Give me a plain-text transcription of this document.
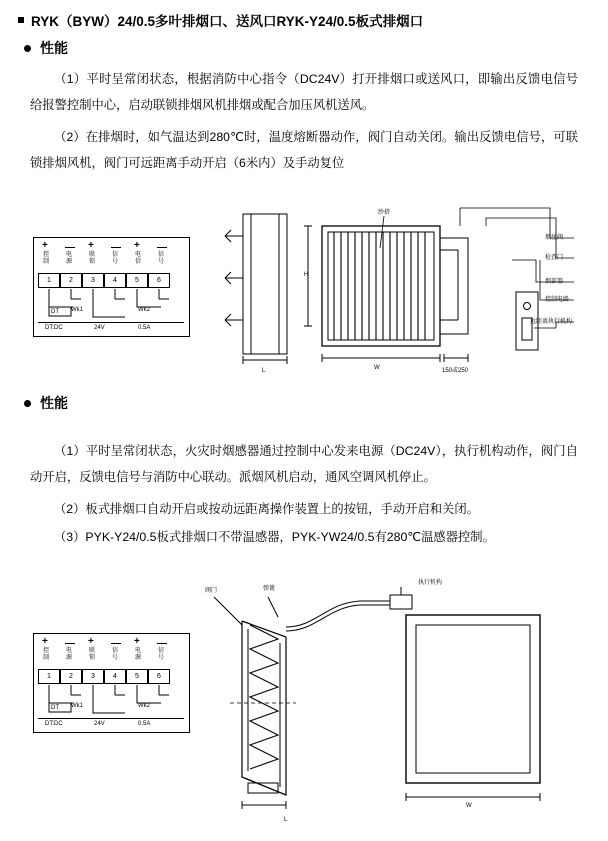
RYK（BYW）24/0.5多叶排烟口、送风口RYK-Y24/0.5板式排烟口
性能
（1）平时呈常闭状态，根据消防中心指令（DC24V）打开排烟口或送风口，即输出反馈电信号给报警控制中心，启动联锁排烟风机排烟或配合加压风机送风。
（2）在排烟时，如气温达到280℃时，温度熔断器动作，阀门自动关闭。输出反馈电信号，可联锁排烟风机，阀门可远距离手动开启（6米内）及手动复位
+ — + — + —
控制
电源
联锁
信号
电信
信号
1	2	3	4	5	6
DT Wk1	Wk2
DT:DC	24V	0.5A
L	W	150或250
纱搭
H
烟丝阀
检查门
烟部器
控制电路
远距离执行机构
性能
（1）平时呈常闭状态，火灾时烟感器通过控制中心发来电源（DC24V），执行机构动作，阀门自动开启，反馈电信号与消防中心联动。派烟风机启动，通风空调风机停止。
（2）板式排烟口自动开启或按动远距离操作装置上的按钮，手动开启和关闭。
（3）PYK-Y24/0.5板式排烟口不带温感器，PYK-YW24/0.5有280℃温感器控制。
+ — + — + —
控制
电源
联锁
信号
电源
信号
1	2	3	4	5	6
DT Wk1	Wk2
DT:DC	24V	0.5A
阀门	弹簧
执行机构
L
W
